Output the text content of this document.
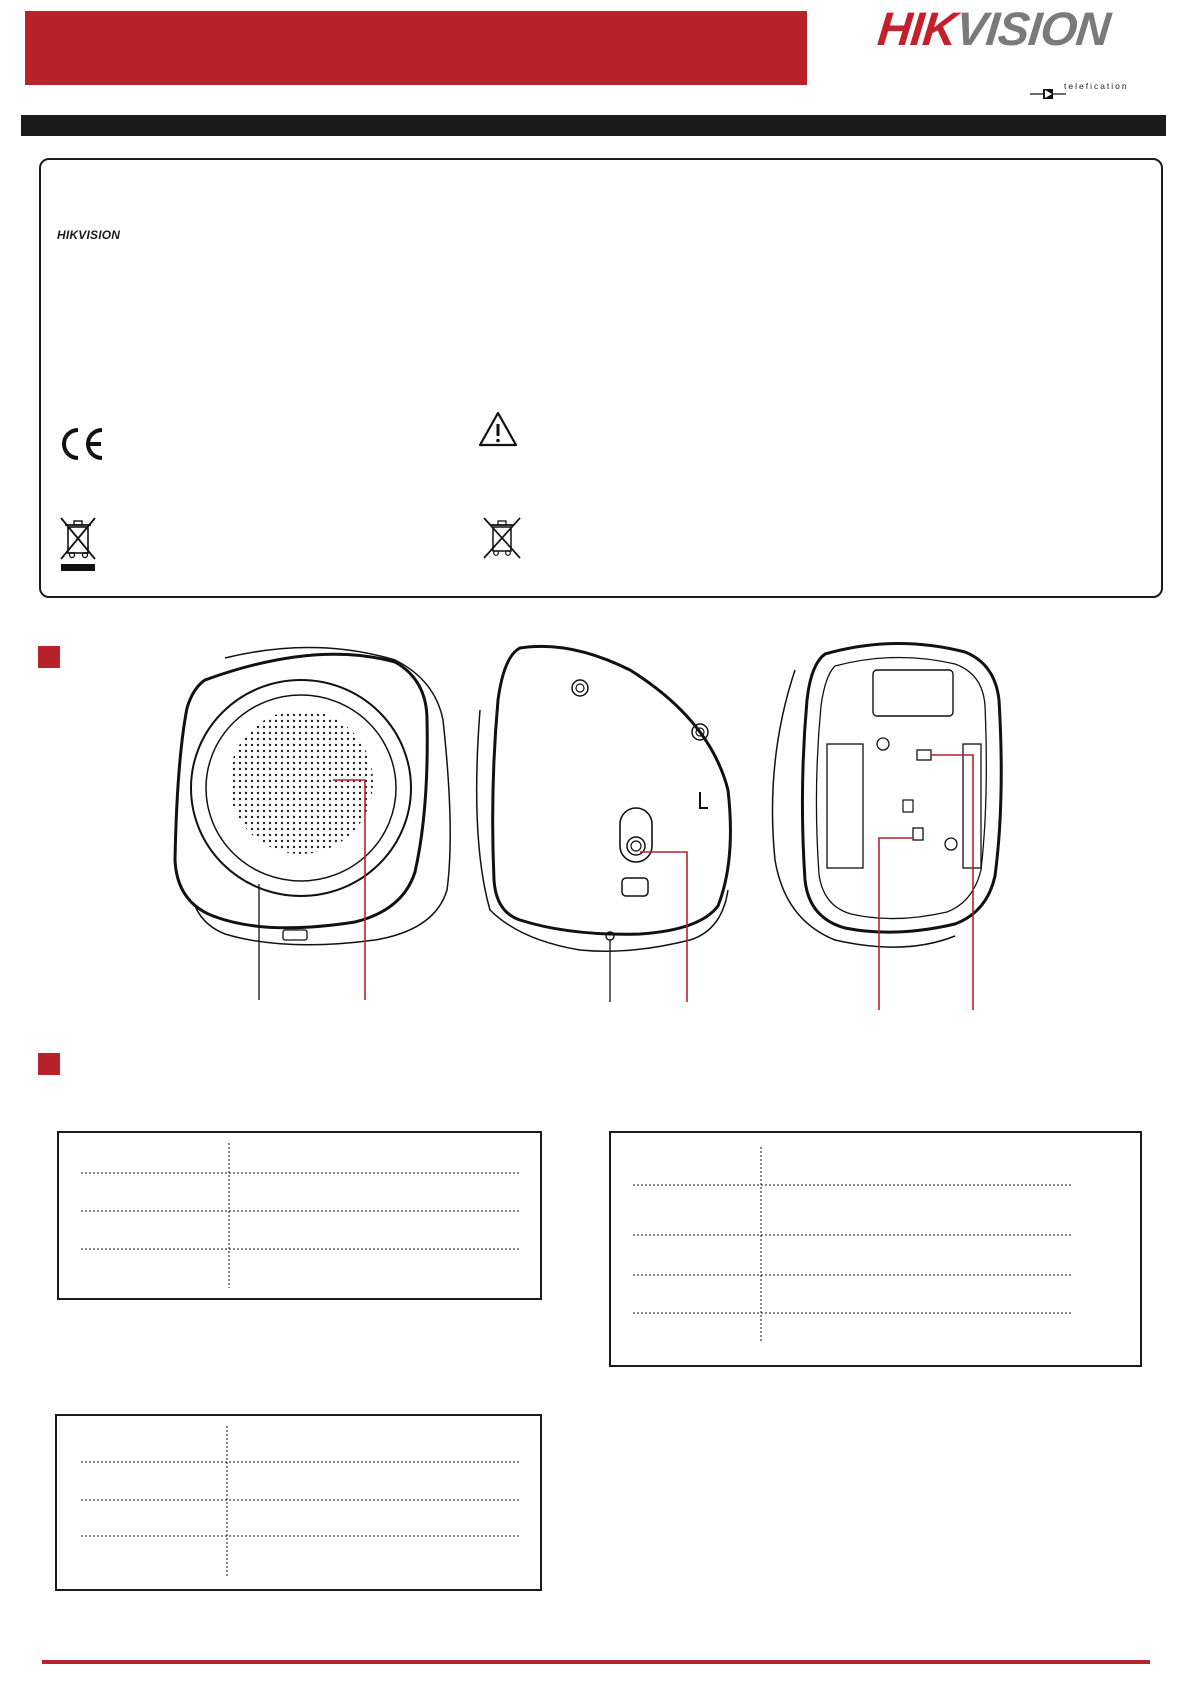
HIKVISION
telefication
HIKVISION
